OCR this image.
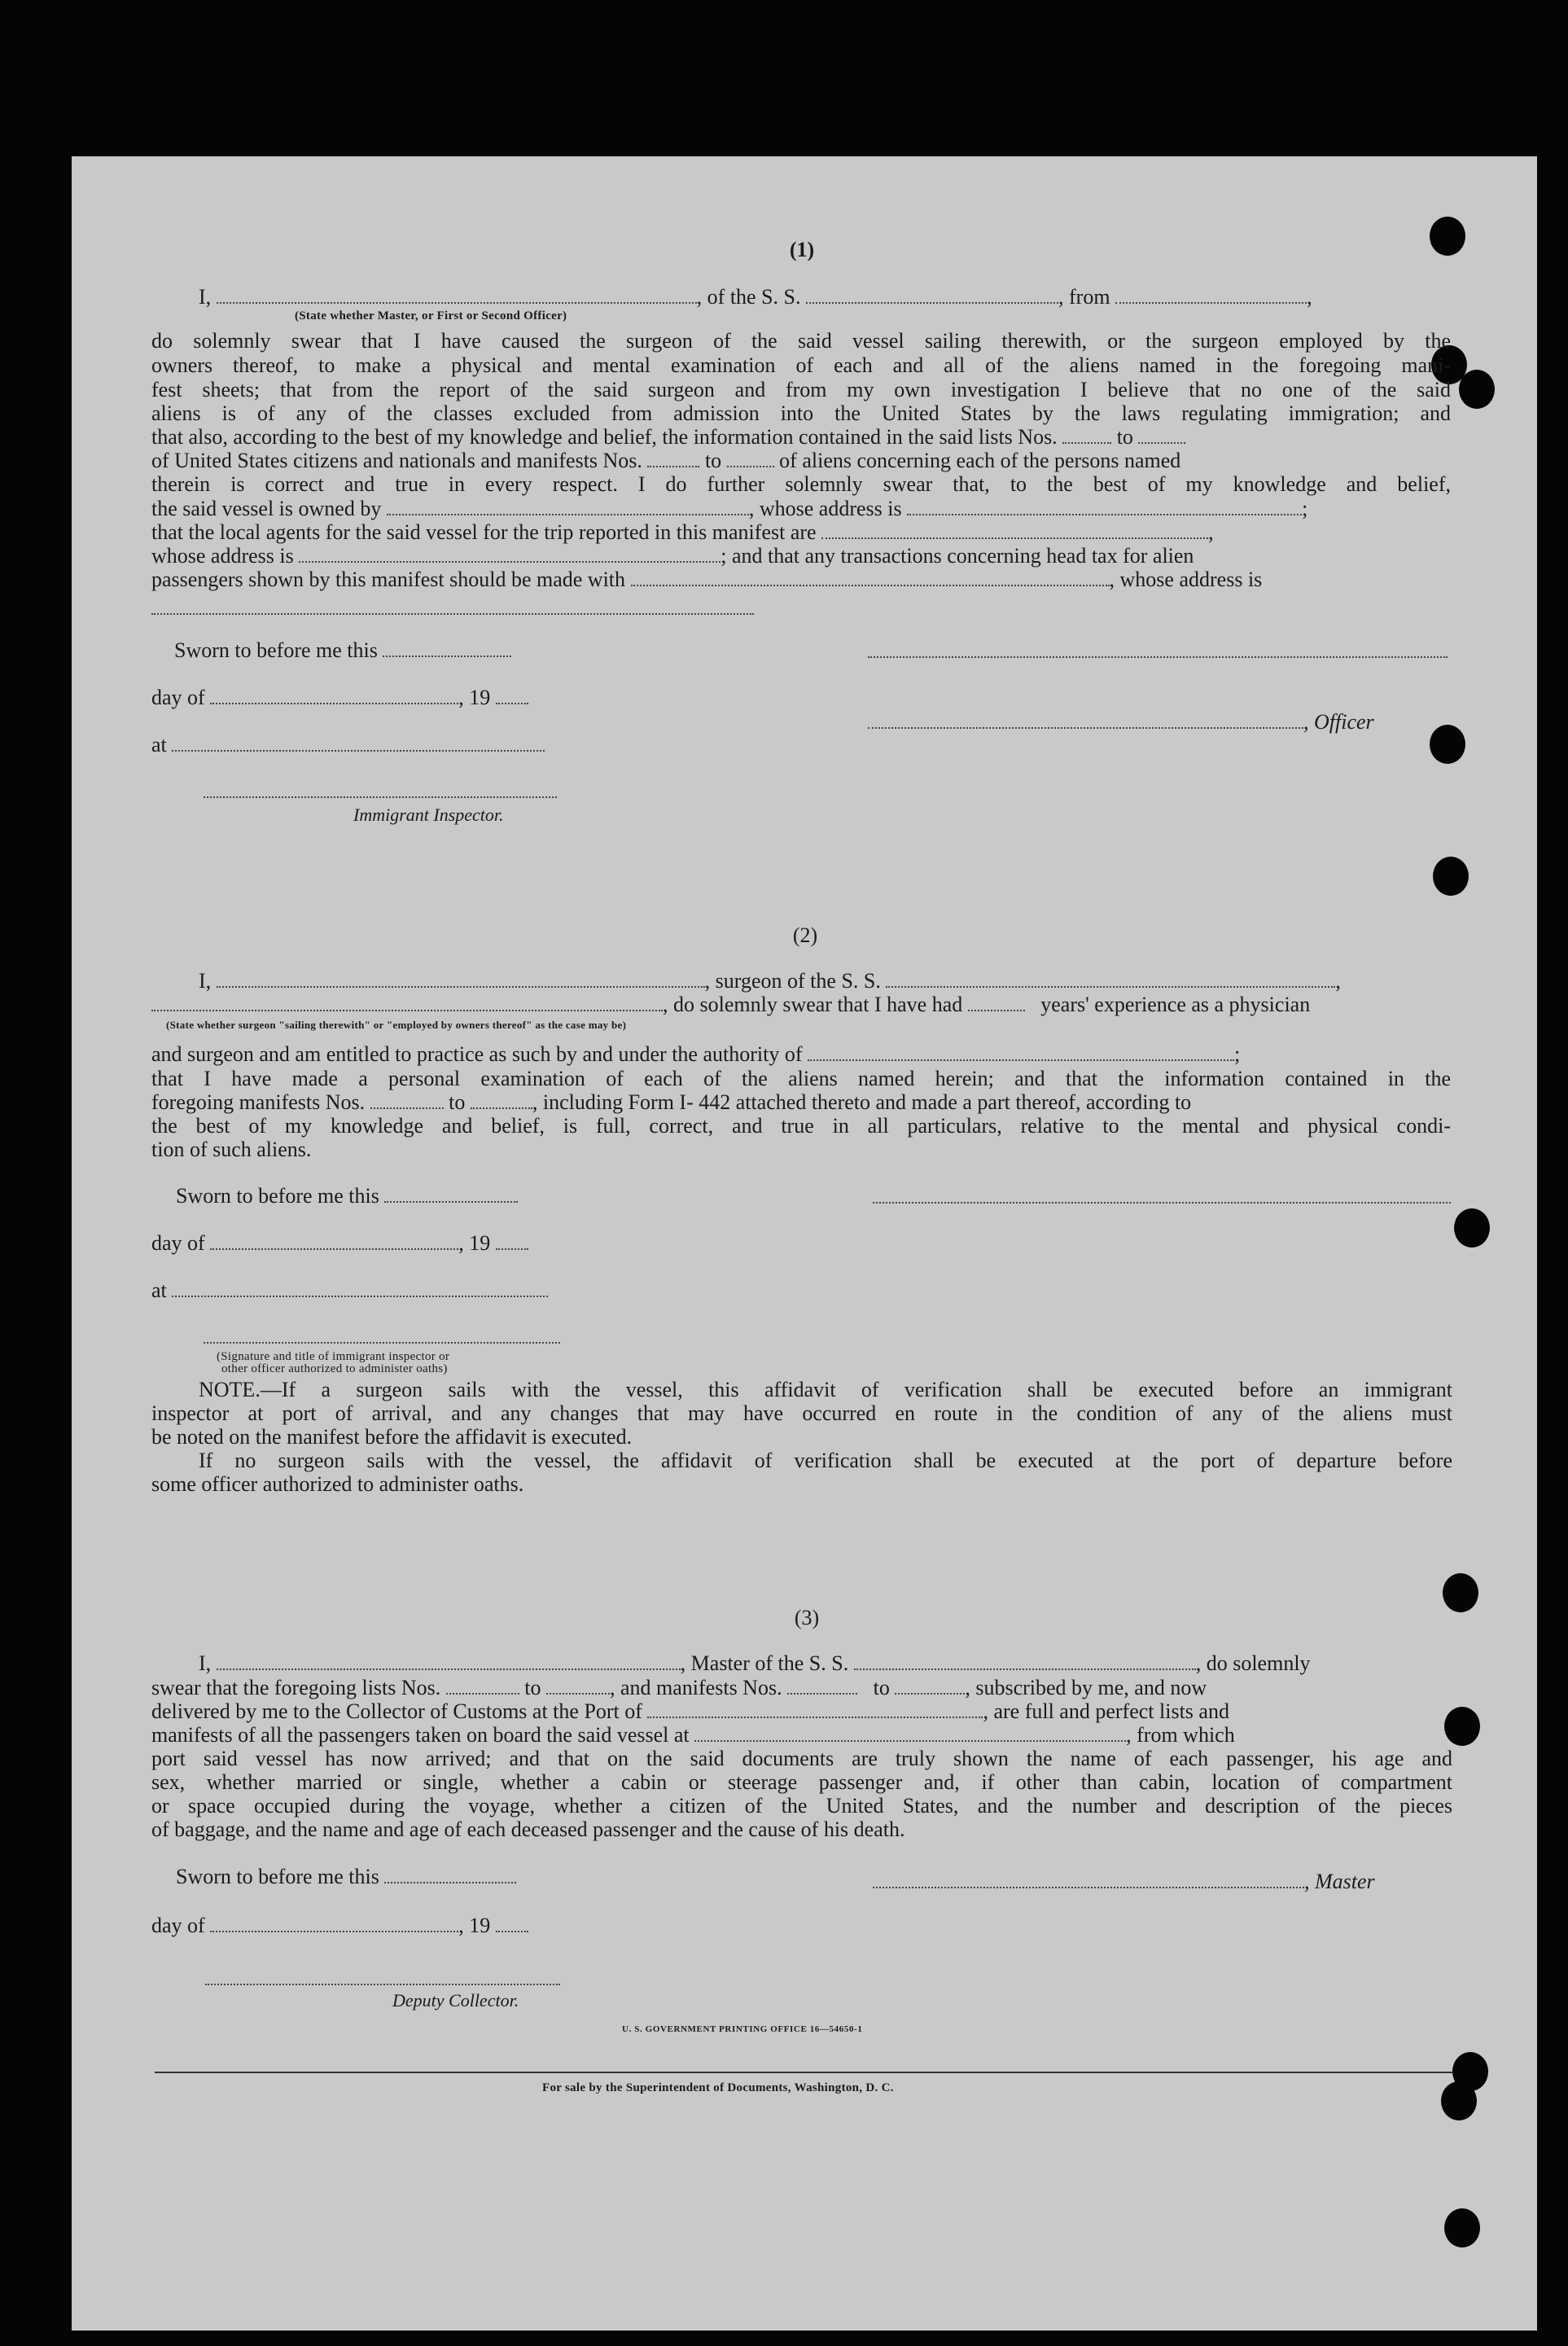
(1)
I,	, of the S. S.	, from	,
(State whether Master, or First or Second Officer)
do solemnly swear that I have caused the surgeon of the said vessel sailing therewith, or the surgeon employed by the
owners thereof, to make a physical and mental examination of each and all of the aliens named in the foregoing mani-
fest sheets; that from the report of the said surgeon and from my own investigation I believe that no one of the said
aliens is of any of the classes excluded from admission into the United States by the laws regulating immigration; and
that also, according to the best of my knowledge and belief, the information contained in the said lists Nos.	to
of United States citizens and nationals and manifests Nos.	to	of aliens concerning each of the persons named
therein is correct and true in every respect. I do further solemnly swear that, to the best of my knowledge and belief,
the said vessel is owned by	, whose address is	;
that the local agents for the said vessel for the trip reported in this manifest are	,
whose address is	; and that any transactions concerning head tax for alien
passengers shown by this manifest should be made with	, whose address is
Sworn to before me this
day of	, 19
, Officer
at
Immigrant Inspector.
(2)
I,	, surgeon of the S. S.	,
, do solemnly swear that I have had	years' experience as a physician
(State whether surgeon "sailing therewith" or "employed by owners thereof" as the case may be)
and surgeon and am entitled to practice as such by and under the authority of	;
that I have made a personal examination of each of the aliens named herein; and that the information contained in the
foregoing manifests Nos.	to	, including Form I- 442 attached thereto and made a part thereof, according to
the best of my knowledge and belief, is full, correct, and true in all particulars, relative to the mental and physical condi-
tion of such aliens.
Sworn to before me this
day of	, 19
at
(Signature and title of immigrant inspector or
other officer authorized to administer oaths)
NOTE.—If a surgeon sails with the vessel, this affidavit of verification shall be executed before an immigrant
inspector at port of arrival, and any changes that may have occurred en route in the condition of any of the aliens must
be noted on the manifest before the affidavit is executed.
If no surgeon sails with the vessel, the affidavit of verification shall be executed at the port of departure before
some officer authorized to administer oaths.
(3)
I,	, Master of the S. S.	, do solemnly
swear that the foregoing lists Nos.	to	, and manifests Nos.	to	, subscribed by me, and now
delivered by me to the Collector of Customs at the Port of	, are full and perfect lists and
manifests of all the passengers taken on board the said vessel at	, from which
port said vessel has now arrived; and that on the said documents are truly shown the name of each passenger, his age and
sex, whether married or single, whether a cabin or steerage passenger and, if other than cabin, location of compartment
or space occupied during the voyage, whether a citizen of the United States, and the number and description of the pieces
of baggage, and the name and age of each deceased passenger and the cause of his death.
Sworn to before me this	, Master
day of	, 19
Deputy Collector.
U. S. GOVERNMENT PRINTING OFFICE 16—54650-1
For sale by the Superintendent of Documents, Washington, D. C.
